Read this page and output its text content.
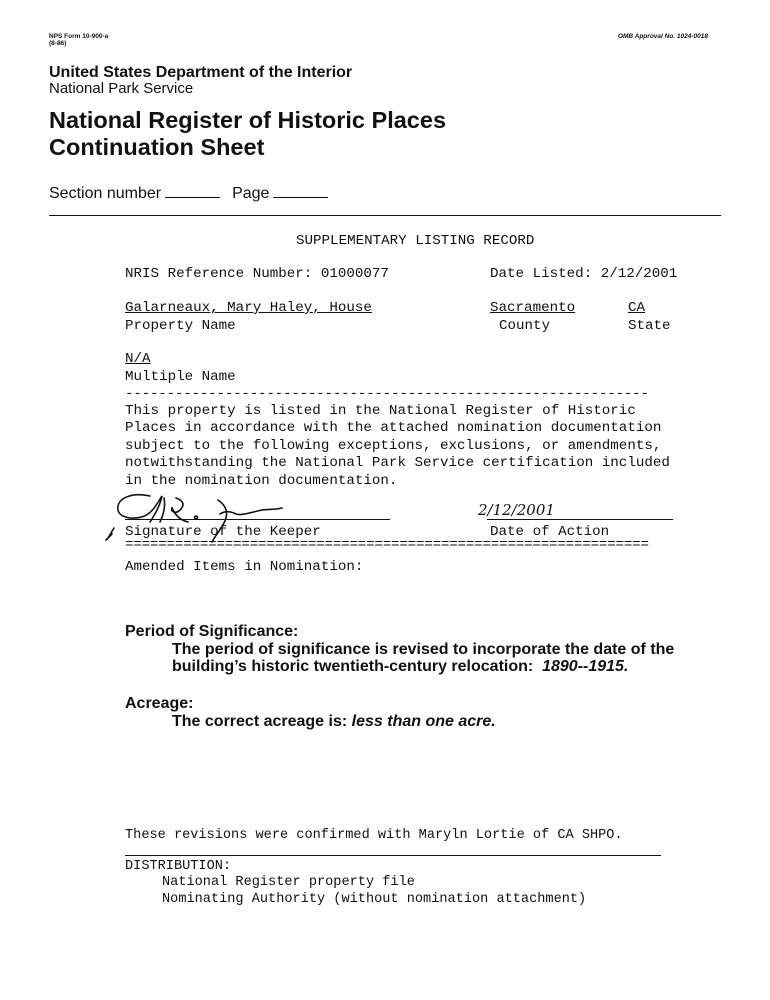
NPS Form 10-900-a
(8-86)
OMB Approval No. 1024-0018
United States Department of the Interior
National Park Service
National Register of Historic Places
Continuation Sheet
Section number	Page
SUPPLEMENTARY LISTING RECORD
NRIS Reference Number: 01000077	Date Listed: 2/12/2001
Galarneaux, Mary Haley, House
Property Name
Sacramento
County
CA
State
N/A
Multiple Name
---------------------------------------------------------------
This property is listed in the National Register of Historic
Places in accordance with the attached nomination documentation
subject to the following exceptions, exclusions, or amendments,
notwithstanding the National Park Service certification included
in the nomination documentation.
Signature of the Keeper
2/12/2001
Date of Action
===============================================================
Amended Items in Nomination:
Period of Significance:
The period of significance is revised to incorporate the date of the
building’s historic twentieth-century relocation: 1890--1915.
Acreage:
The correct acreage is: less than one acre.
These revisions were confirmed with Maryln Lortie of CA SHPO.
DISTRIBUTION:
National Register property file
Nominating Authority (without nomination attachment)
